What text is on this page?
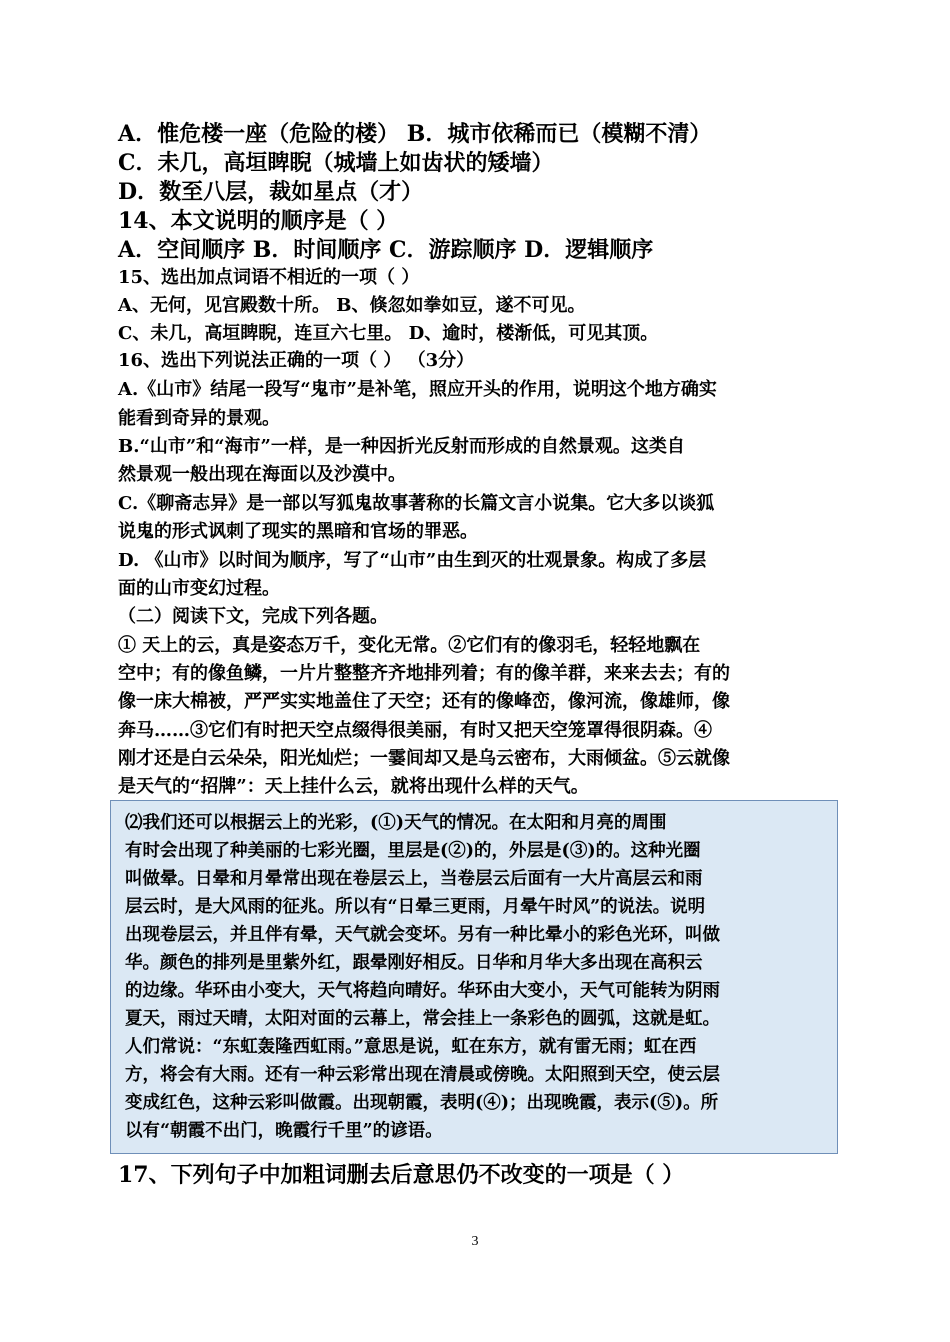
A．惟危楼一座（危险的楼） B．城市依稀而已（模糊不清）
C．未几，高垣睥睨（城墙上如齿状的矮墙）
D．数至八层，裁如星点（才）
14、本文说明的顺序是（ ）
A．空间顺序 B．时间顺序 C．游踪顺序 D．逻辑顺序
15、选出加点词语不相近的一项（ ）
A、无何，见宫殿数十所。 B、倏忽如拳如豆，遂不可见。
C、未几，高垣睥睨，连亘六七里。 D、逾时，楼渐低，可见其顶。
16、选出下列说法正确的一项（ ） （3分）
A.《山市》结尾一段写“鬼市”是补笔，照应开头的作用，说明这个地方确实
能看到奇异的景观。
B.“山市”和“海市”一样，是一种因折光反射而形成的自然景观。这类自
然景观一般出现在海面以及沙漠中。
C.《聊斋志异》是一部以写狐鬼故事著称的长篇文言小说集。它大多以谈狐
说鬼的形式讽刺了现实的黑暗和官场的罪恶。
D. 《山市》以时间为顺序，写了“山市”由生到灭的壮观景象。构成了多层
面的山市变幻过程。
（二）阅读下文，完成下列各题。
① 天上的云，真是姿态万千，变化无常。②它们有的像羽毛，轻轻地飘在
空中；有的像鱼鳞，一片片整整齐齐地排列着；有的像羊群，来来去去；有的
像一床大棉被，严严实实地盖住了天空；还有的像峰峦，像河流，像雄师，像
奔马……③它们有时把天空点缀得很美丽，有时又把天空笼罩得很阴森。④
刚才还是白云朵朵，阳光灿烂；一霎间却又是乌云密布，大雨倾盆。⑤云就像
是天气的“招牌”：天上挂什么云，就将出现什么样的天气。
⑵我们还可以根据云上的光彩，(①)天气的情况。在太阳和月亮的周围
有时会出现了种美丽的七彩光圈，里层是(②)的，外层是(③)的。这种光圈
叫做晕。日晕和月晕常出现在卷层云上，当卷层云后面有一大片高层云和雨
层云时，是大风雨的征兆。所以有“日晕三更雨，月晕午时风”的说法。说明
出现卷层云，并且伴有晕，天气就会变坏。另有一种比晕小的彩色光环，叫做
华。颜色的排列是里紫外红，跟晕刚好相反。日华和月华大多出现在高积云
的边缘。华环由小变大，天气将趋向晴好。华环由大变小，天气可能转为阴雨
夏天，雨过天晴，太阳对面的云幕上，常会挂上一条彩色的圆弧，这就是虹。
人们常说：“东虹轰隆西虹雨。”意思是说，虹在东方，就有雷无雨；虹在西
方，将会有大雨。还有一种云彩常出现在清晨或傍晚。太阳照到天空，使云层
变成红色，这种云彩叫做霞。出现朝霞，表明(④)；出现晚霞，表示(⑤)。所
以有“朝霞不出门，晚霞行千里”的谚语。
17、下列句子中加粗词删去后意思仍不改变的一项是（ ）
3
